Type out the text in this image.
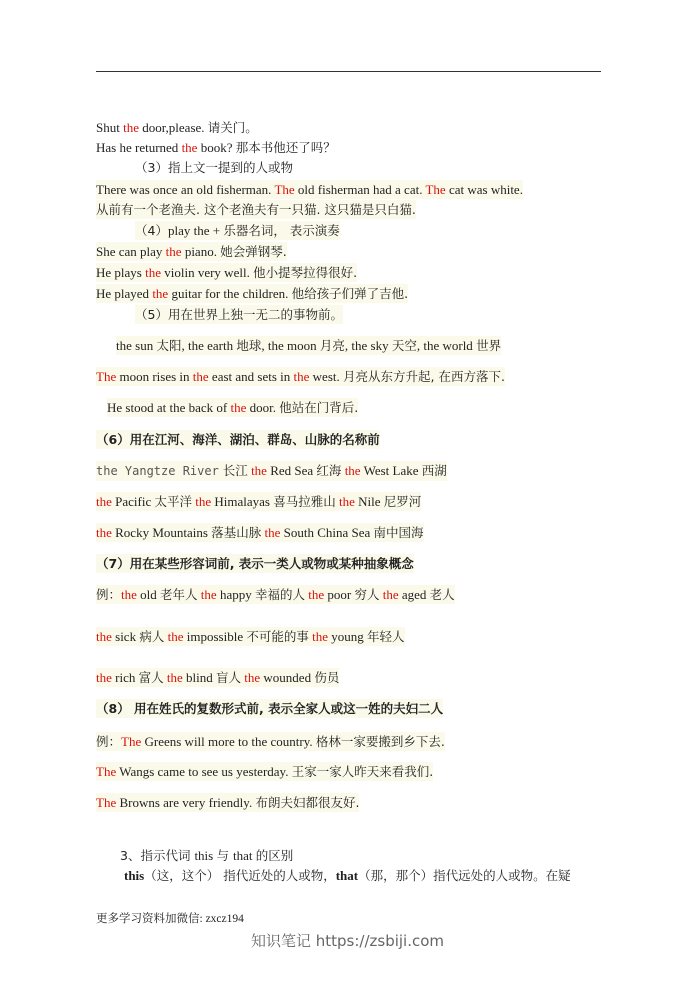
Shut the door,please. 请关门。
Has he returned the book? 那本书他还了吗？
（3）指上文一提到的人或物
There was once an old fisherman. The old fisherman had a cat. The cat was white.
从前有一个老渔夫. 这个老渔夫有一只猫. 这只猫是只白猫.
（4）play the + 乐器名词， 表示演奏
She can play the piano. 她会弹钢琴.
He plays the violin very well. 他小提琴拉得很好.
He played the guitar for the children. 他给孩子们弹了吉他.
（5）用在世界上独一无二的事物前。
the sun 太阳, the earth 地球, the moon 月亮, the sky 天空, the world 世界
The moon rises in the east and sets in the west. 月亮从东方升起, 在西方落下.
He stood at the back of the door. 他站在门背后.
（6）用在江河、海洋、湖泊、群岛、山脉的名称前
the Yangtze River 长江 the Red Sea 红海 the West Lake 西湖
the Pacific 太平洋 the Himalayas 喜马拉雅山 the Nile 尼罗河
the Rocky Mountains 落基山脉 the South China Sea 南中国海
（7）用在某些形容词前, 表示一类人或物或某种抽象概念
例：the old 老年人 the happy 幸福的人 the poor 穷人 the aged 老人
the sick 病人 the impossible 不可能的事 the young 年轻人
the rich 富人 the blind 盲人 the wounded 伤员
（8） 用在姓氏的复数形式前, 表示全家人或这一姓的夫妇二人
例：The Greens will more to the country. 格林一家要搬到乡下去.
The Wangs came to see us yesterday. 王家一家人昨天来看我们.
The Browns are very friendly. 布朗夫妇都很友好.
3、指示代词 this 与 that 的区别
this（这，这个） 指代近处的人或物，that（那，那个）指代远处的人或物。在疑
更多学习资料加微信: zxcz194
知识笔记 https://zsbiji.com
